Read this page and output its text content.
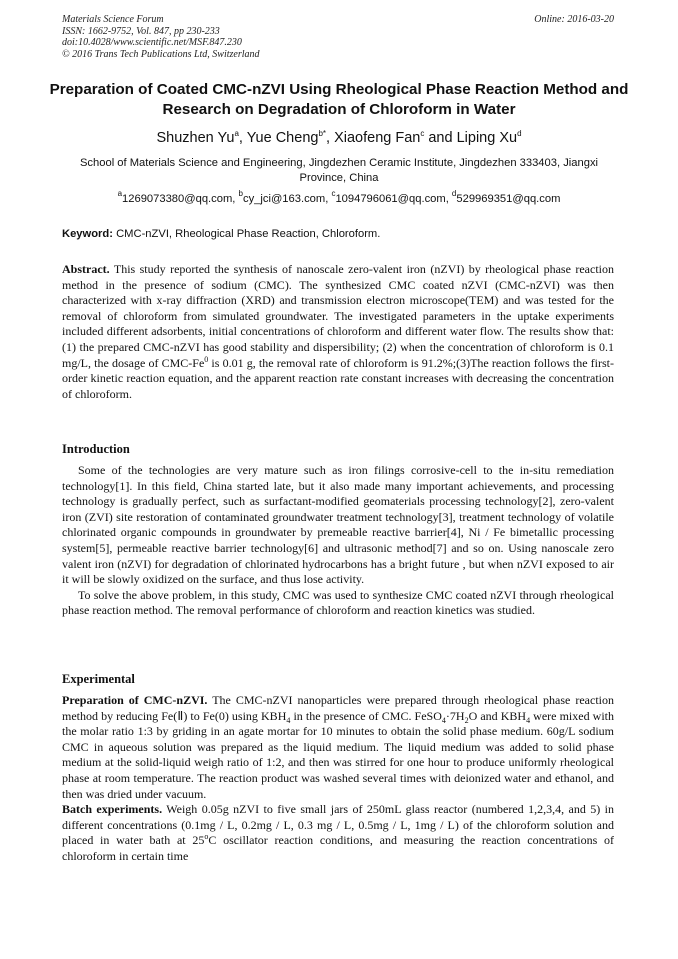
Materials Science Forum
ISSN: 1662-9752, Vol. 847, pp 230-233
doi:10.4028/www.scientific.net/MSF.847.230
© 2016 Trans Tech Publications Ltd, Switzerland
Online: 2016-03-20
Preparation of Coated CMC-nZVI Using Rheological Phase Reaction Method and Research on Degradation of Chloroform in Water
Shuzhen Yu$^a$, Yue Cheng$^{b*}$, Xiaofeng Fan$^c$ and Liping Xu$^d$
School of Materials Science and Engineering, Jingdezhen Ceramic Institute, Jingdezhen 333403, Jiangxi Province, China
$^a$1269073380@qq.com, $^b$cy_jci@163.com, $^c$1094796061@qq.com, $^d$529969351@qq.com
Keyword: CMC-nZVI, Rheological Phase Reaction, Chloroform.

Abstract. This study reported the synthesis of nanoscale zero-valent iron (nZVI) by rheological phase reaction method in the presence of sodium (CMC). The synthesized CMC coated nZVI (CMC-nZVI) was then characterized with x-ray diffraction (XRD) and transmission electron microscope(TEM) and was tested for the removal of chloroform from simulated groundwater. The investigated parameters in the uptake experiments included different adsorbents, initial concentrations of chloroform and different water flow. The results show that:(1) the prepared CMC-nZVI has good stability and dispersibility; (2) when the concentration of chloroform is 0.1 mg/L, the dosage of CMC-Fe$^0$ is 0.01 g, the removal rate of chloroform is 91.2%;(3)The reaction follows the first-order kinetic reaction equation, and the apparent reaction rate constant increases with decreasing the concentration of chloroform.

Introduction

Some of the technologies are very mature such as iron filings corrosive-cell to the in-situ remediation technology[1]. In this field, China started late, but it also made many important achievements, and processing technology is gradually perfect, such as surfactant-modified geomaterials processing technology[2], zero-valent iron (ZVI) site restoration of contaminated groundwater treatment technology[3], treatment technology of volatile chlorinated organic compounds in groundwater by premeable reactive barrier[4], Ni / Fe bimetallic processing system[5], permeable reactive barrier technology[6] and ultrasonic method[7] and so on. Using nanoscale zero valent iron (nZVI) for degradation of chlorinated hydrocarbons has a bright future , but when nZVI exposed to air it will be slowly oxidized on the surface, and thus lose activity.

To solve the above problem, in this study, CMC was used to synthesize CMC coated nZVI through rheological phase reaction method. The removal performance of chloroform and reaction kinetics was studied.

Experimental

Preparation of CMC-nZVI. The CMC-nZVI nanoparticles were prepared through rheological phase reaction method by reducing Fe(Ⅱ) to Fe(0) using $KBH_4$ in the presence of CMC. $FeSO_4\cdot 7H_2O$ and $KBH_4$ were mixed with the molar ratio 1:3 by griding in an agate mortar for 10 minutes to obtain the solid phase medium. 60g/L sodium CMC in aqueous solution was prepared as the liquid medium. The liquid medium was added to solid phase medium at the solid-liquid weigh ratio of 1:2, and then was stirred for one hour to produce uniformly rheological phase at room temperature. The reaction product was washed several times with deionized water and ethanol, and then was dried under vacuum.

Batch experiments. Weigh 0.05g nZVI to five small jars of 250mL glass reactor (numbered 1,2,3,4, and 5) in different concentrations (0.1mg / L, 0.2mg / L, 0.3 mg / L, 0.5mg / L, 1mg / L) of the chloroform solution and placed in water bath at 25$^o$C oscillator reaction conditions, and measuring the reaction concentrations of chloroform in certain time
